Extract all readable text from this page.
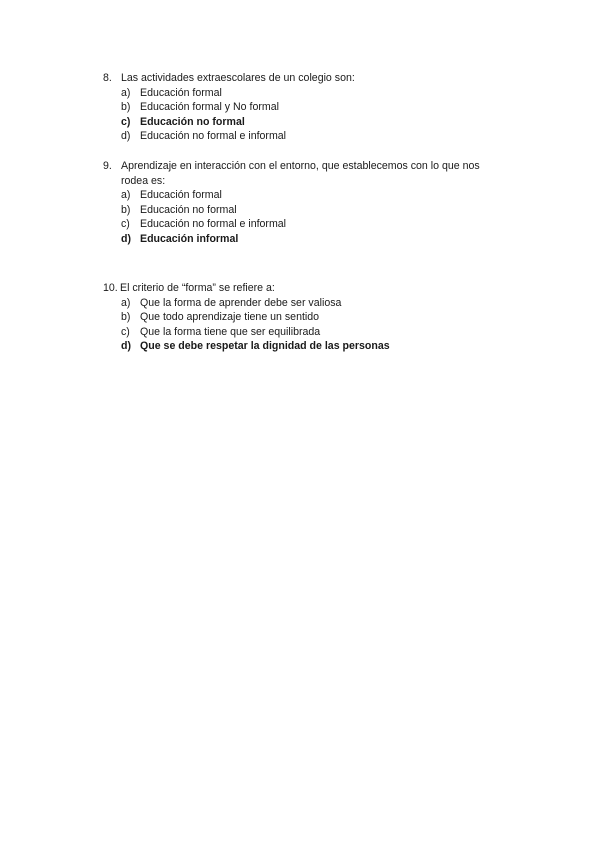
8. Las actividades extraescolares de un colegio son:
a) Educación formal
b) Educación formal y No formal
c) Educación no formal
d) Educación no formal e informal
9. Aprendizaje en interacción con el entorno, que establecemos con lo que nos rodea es:
a) Educación formal
b) Educación no formal
c) Educación no formal e informal
d) Educación informal
10. El criterio de “forma” se refiere a:
a) Que la forma de aprender debe ser valiosa
b) Que todo aprendizaje tiene un sentido
c) Que la forma tiene que ser equilibrada
d) Que se debe respetar la dignidad de las personas
